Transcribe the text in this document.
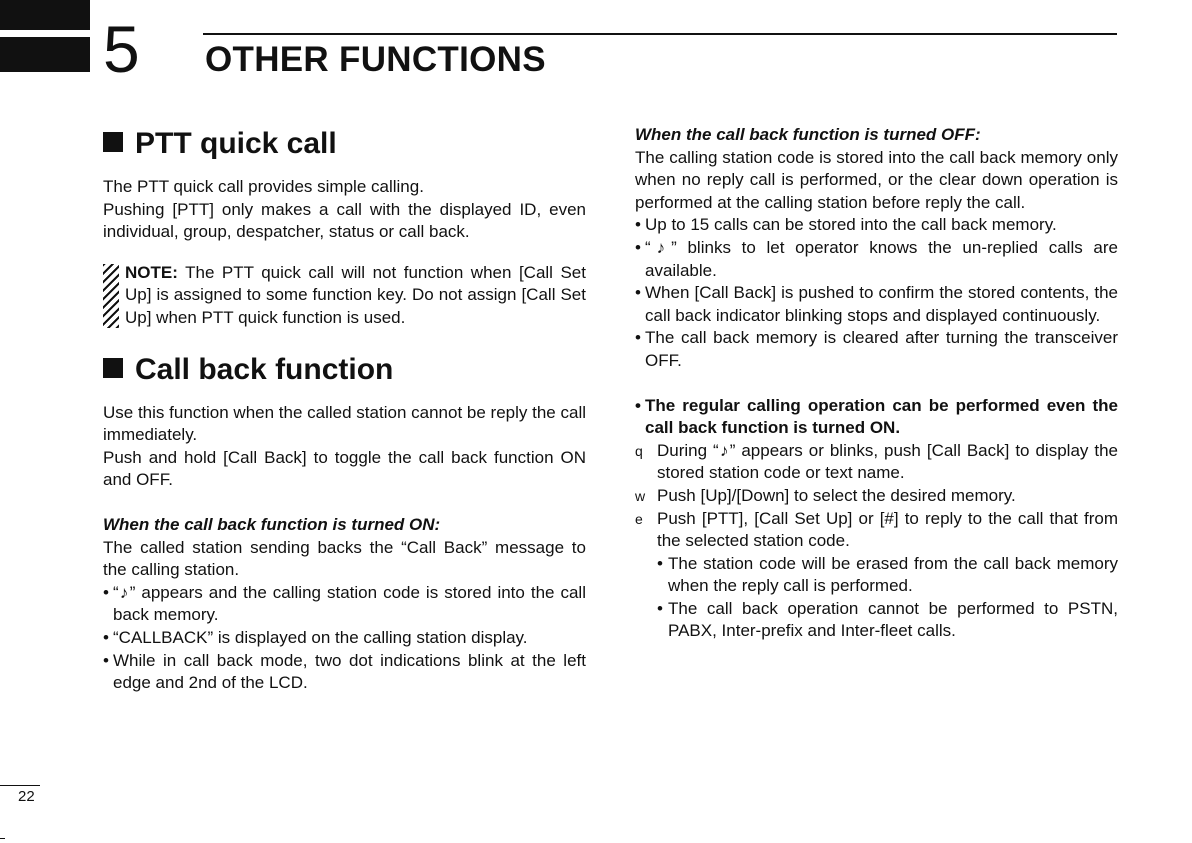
5 OTHER FUNCTIONS
PTT quick call

The PTT quick call provides simple calling.

Pushing [PTT] only makes a call with the displayed ID, even individual, group, despatcher, status or call back.

NOTE: The PTT quick call will not function when [Call Set Up] is assigned to some function key. Do not assign [Call Set Up] when PTT quick function is used.
Call back function

Use this function when the called station cannot be reply the call immediately.

Push and hold [Call Back] to toggle the call back function ON and OFF.

When the call back function is turned ON:

The called station sending backs the “Call Back” message to the calling station.

• “♪” appears and the calling station code is stored into the call back memory.
• “CALLBACK” is displayed on the calling station display.
• While in call back mode, two dot indications blink at the left edge and 2nd of the LCD.

When the call back function is turned OFF:

The calling station code is stored into the call back memory only when no reply call is performed, or the clear down operation is performed at the calling station before reply the call.

• Up to 15 calls can be stored into the call back memory.
• “♪” blinks to let operator knows the un-replied calls are available.
• When [Call Back] is pushed to confirm the stored contents, the call back indicator blinking stops and displayed continuously.
• The call back memory is cleared after turning the transceiver OFF.
• The regular calling operation can be performed even the call back function is turned ON.
q During “♪” appears or blinks, push [Call Back] to display the stored station code or text name.
w Push [Up]/[Down] to select the desired memory.
e Push [PTT], [Call Set Up] or [#] to reply to the call that from the selected station code.
• The station code will be erased from the call back memory when the reply call is performed.
• The call back operation cannot be performed to PSTN, PABX, Inter-prefix and Inter-fleet calls.
22
